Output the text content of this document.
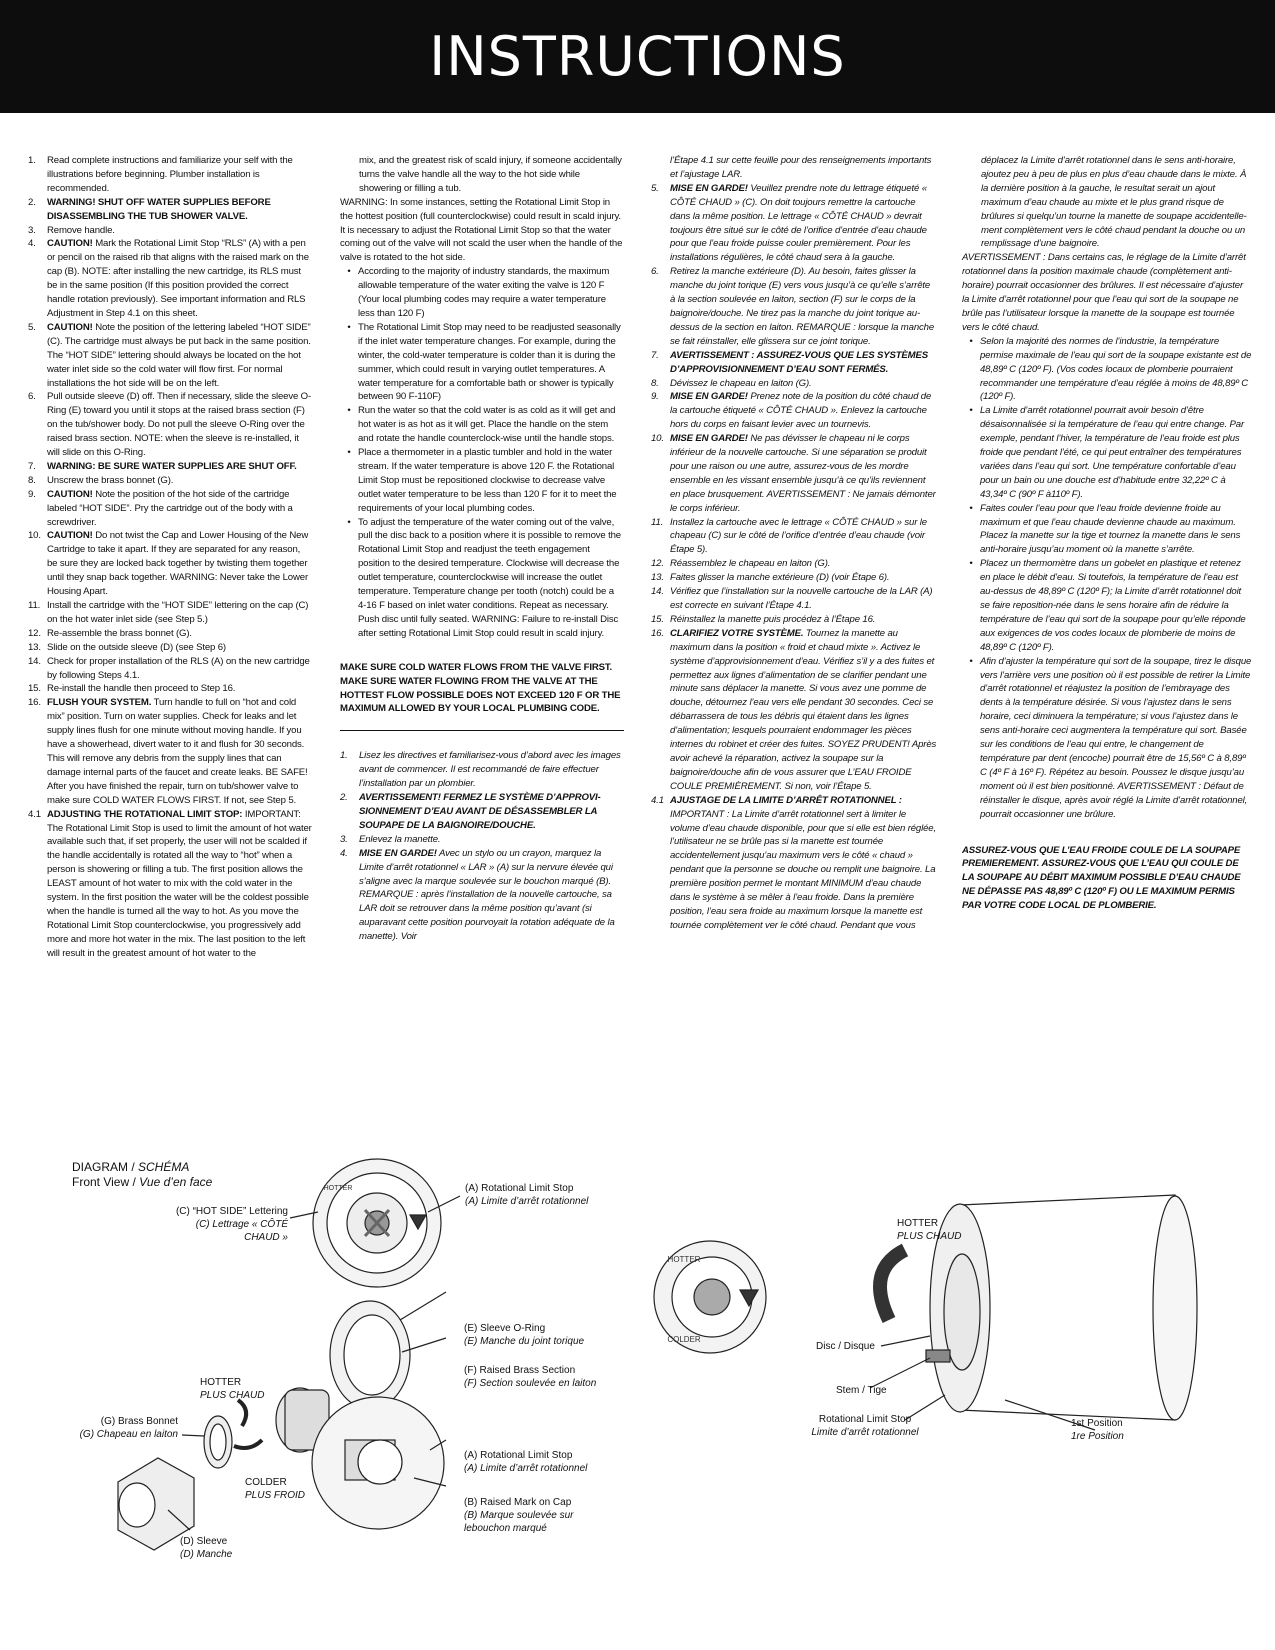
INSTRUCTIONS
1.	Read complete instructions and familiarize your self with the illustrations before beginning. Plumber installation is recommended.
2.	WARNING! SHUT OFF WATER SUPPLIES BEFORE DISASSEMBLING THE TUB SHOWER VALVE.
3.	Remove handle.
4.	CAUTION! Mark the Rotational Limit Stop “RLS” (A) with a pen or pencil on the raised rib that aligns with the raised mark on the cap (B). NOTE: after installing the new cartridge, its RLS must be in the same position (If this position provided the correct handle rotation previously). See important information and RLS Adjustment in Step 4.1 on this sheet.
5.	CAUTION! Note the position of the lettering labeled “HOT SIDE” (C). The cartridge must always be put back in the same position. The “HOT SIDE” lettering should always be located on the hot water inlet side so the cold water will flow first. For normal installations the hot side will be on the left.
6.	Pull outside sleeve (D) off. Then if necessary, slide the sleeve O-Ring (E) toward you until it stops at the raised brass section (F) on the tub/shower body. Do not pull the sleeve O-Ring over the raised brass section. NOTE: when the sleeve is re-installed, it will slide on this O-Ring.
7.	WARNING: BE SURE WATER SUPPLIES ARE SHUT OFF.
8.	Unscrew the brass bonnet (G).
9.	CAUTION! Note the position of the hot side of the cartridge labeled “HOT SIDE”. Pry the cartridge out of the body with a screwdriver.
10. CAUTION! Do not twist the Cap and Lower Housing of the New Cartridge to take it apart. If they are separated for any reason, be sure they are locked back together by twisting them together until they snap back together. WARNING: Never take the Lower Housing Apart.
11. Install the cartridge with the “HOT SIDE” lettering on the cap (C) on the hot water inlet side (see Step 5.)
12. Re-assemble the brass bonnet (G).
13. Slide on the outside sleeve (D) (see Step 6)
14. Check for proper installation of the RLS (A) on the new cartridge by following Steps 4.1.
15. Re-install the handle then proceed to Step 16.
16. FLUSH YOUR SYSTEM. Turn handle to full on “hot and cold mix” position. Turn on water supplies. Check for leaks and let supply lines flush for one minute without moving handle. If you have a showerhead, divert water to it and flush for 30 seconds. This will remove any debris from the supply lines that can damage internal parts of the faucet and create leaks. BE SAFE! After you have finished the repair, turn on tub/shower valve to make sure COLD WATER FLOWS FIRST. If not, see Step 5.
4.1 ADJUSTING THE ROTATIONAL LIMIT STOP: IMPORTANT: The Rotational Limit Stop is used to limit the amount of hot water available such that, if set properly, the user will not be scalded if the handle accidentally is rotated all the way to “hot” when a person is showering or filling a tub. The first position allows the LEAST amount of hot water to mix with the cold water in the system. In the first position the water will be the coldest possible when the handle is turned all the way to hot. As you move the Rotational Limit Stop counterclockwise, you progressively add more and more hot water in the mix. The last position to the left will result in the greatest amount of hot water to the
mix, and the greatest risk of scald injury, if someone accidentally turns the valve handle all the way to the hot side while showering or filling a tub.
WARNING: In some instances, setting the Rotational Limit Stop in the hottest position (full counterclockwise) could result in scald injury. It is necessary to adjust the Rotational Limit Stop so that the water coming out of the valve will not scald the user when the handle of the valve is rotated to the hot side.
• According to the majority of industry standards, the maximum allowable temperature of the water exiting the valve is 120 F (Your local plumbing codes may require a water temperature less than 120 F)
• The Rotational Limit Stop may need to be readjusted seasonally if the inlet water temperature changes. For example, during the winter, the cold-water temperature is colder than it is during the summer, which could result in varying outlet temperatures. A water temperature for a comfortable bath or shower is typically between 90 F-110F)
• Run the water so that the cold water is as cold as it will get and hot water is as hot as it will get. Place the handle on the stem and rotate the handle counterclock-wise until the handle stops.
• Place a thermometer in a plastic tumbler and hold in the water stream. If the water temperature is above 120 F. the Rotational Limit Stop must be repositioned clockwise to decrease valve outlet water temperature to be less than 120 F for it to meet the requirements of your local plumbing codes.
• To adjust the temperature of the water coming out of the valve, pull the disc back to a position where it is possible to remove the Rotational Limit Stop and readjust the teeth engagement position to the desired temperature. Clockwise will decrease the outlet temperature, counterclockwise will increase the outlet temperature. Temperature change per tooth (notch) could be a 4-16 F based on inlet water conditions. Repeat as necessary. Push disc until fully seated. WARNING: Failure to re-install Disc after setting Rotational Limit Stop could result in scald injury.
MAKE SURE COLD WATER FLOWS FROM THE VALVE FIRST. MAKE SURE WATER FLOWING FROM THE VALVE AT THE HOTTEST FLOW POSSIBLE DOES NOT EXCEED 120 F OR THE MAXIMUM ALLOWED BY YOUR LOCAL PLUMBING CODE.
1.	Lisez les directives et familiarisez-vous d’abord avec les images avant de commencer. Il est recommandé de faire effectuer l’installation par un plombier.
2.	AVERTISSEMENT! FERMEZ LE SYSTÈME D’APPROVI-SIONNEMENT D’EAU AVANT DE DÉSASSEMBLER LA SOUPAPE DE LA BAIGNOIRE/DOUCHE.
3.	Enlevez la manette.
4.	MISE EN GARDE! Avec un stylo ou un crayon, marquez la Limite d’arrêt rotationnel « LAR » (A) sur la nervure élevée qui s’aligne avec la marque soulevée sur le bouchon marqué (B). REMARQUE : après l’installation de la nouvelle cartouche, sa LAR doit se retrouver dans la même position qu’avant (si auparavant cette position pourvoyait la rotation adéquate de la manette). Voir
l’Étape 4.1 sur cette feuille pour des renseignements importants et l’ajustage LAR.
5.	MISE EN GARDE! Veuillez prendre note du lettrage étiqueté « CÔTÉ CHAUD » (C). On doit toujours remettre la cartouche dans la même position. Le lettrage « CÔTÉ CHAUD » devrait toujours être situé sur le côté de l’orifice d’entrée d’eau chaude pour que l’eau froide puisse couler premièrement. Pour les installations régulières, le côté chaud sera à la gauche.
6.	Retirez la manche extérieure (D). Au besoin, faites glisser la manche du joint torique (E) vers vous jusqu’à ce qu’elle s’arrête à la section soulevée en laiton, section (F) sur le corps de la baignoire/douche. Ne tirez pas la manche du joint torique au-dessus de la section en laiton. REMARQUE : lorsque la manche se fait réinstaller, elle glissera sur ce joint torique.
7.	AVERTISSEMENT : ASSUREZ-VOUS QUE LES SYSTÈMES D’APPROVISIONNEMENT D’EAU SONT FERMÉS.
8.	Dévissez le chapeau en laiton (G).
9.	MISE EN GARDE! Prenez note de la position du côté chaud de la cartouche étiqueté « CÔTÉ CHAUD ». Enlevez la cartouche hors du corps en faisant levier avec un tournevis.
10. MISE EN GARDE! Ne pas dévisser le chapeau ni le corps inférieur de la nouvelle cartouche. Si une séparation se produit pour une raison ou une autre, assurez-vous de les mordre ensemble en les vissant ensemble jusqu’à ce qu’ils reviennent en place brusquement. AVERTISSEMENT : Ne jamais démonter le corps inférieur.
11. Installez la cartouche avec le lettrage « CÔTÉ CHAUD » sur le chapeau (C) sur le côté de l’orifice d’entrée d’eau chaude (voir Étape 5).
12. Réassemblez le chapeau en laiton (G).
13. Faites glisser la manche extérieure (D) (voir Étape 6).
14. Vérifiez que l’installation sur la nouvelle cartouche de la LAR (A) est correcte en suivant l’Étape 4.1.
15. Réinstallez la manette puis procédez à l’Étape 16.
16. CLARIFIEZ VOTRE SYSTÈME. Tournez la manette au maximum dans la position « froid et chaud mixte ». Activez le système d’approvisionnement d’eau. Vérifiez s’il y a des fuites et permettez aux lignes d’alimentation de se clarifier pendant une minute sans déplacer la manette. Si vous avez une pomme de douche, détournez l’eau vers elle pendant 30 secondes. Ceci se débarrassera de tous les débris qui étaient dans les lignes d’alimentation; lesquels pourraient endommager les pièces internes du robinet et créer des fuites. SOYEZ PRUDENT! Après avoir achevé la réparation, activez la soupape sur la baignoire/douche afin de vous assurer que L’EAU FROIDE COULE PREMIÈREMENT. Si non, voir l’Étape 5.
4.1 AJUSTAGE DE LA LIMITE D’ARRÊT ROTATIONNEL : IMPORTANT : La Limite d’arrêt rotationnel sert à limiter le volume d’eau chaude disponible, pour que si elle est bien réglée, l’utilisateur ne se brûle pas si la manette est tournée accidentellement jusqu’au maximum vers le côté « chaud » pendant que la personne se douche ou remplit une baignoire. La première position permet le montant MINIMUM d’eau chaude dans le système à se mêler à l’eau froide. Dans la première position, l’eau sera froide au maximum lorsque la manette est tournée complètement ver le côté chaud. Pendant que vous
déplacez la Limite d’arrêt rotationnel dans le sens anti-horaire, ajoutez peu à peu de plus en plus d’eau chaude dans le mixte. À la dernière position à la gauche, le resultat serait un ajout maximum d’eau chaude au mixte et le plus grand risque de brûlures si quelqu’un tourne la manette de soupape accidentelle-ment complètement vers le côté chaud pendant la douche ou un remplissage d’une baignoire.
AVERTISSEMENT : Dans certains cas, le réglage de la Limite d’arrêt rotationnel dans la position maximale chaude (complètement anti-horaire) pourrait occasionner des brûlures. Il est nécessaire d’ajuster la Limite d’arrêt rotationnel pour que l’eau qui sort de la soupape ne brûle pas l’utilisateur lorsque la manette de la soupape est tournée vers le côté chaud.
• Selon la majorité des normes de l’industrie, la température permise maximale de l’eau qui sort de la soupape existante est de 48,89º C (120º F). (Vos codes locaux de plomberie pourraient recommander une température d’eau réglée à moins de 48,89º C (120º F).
• La Limite d’arrêt rotationnel pourrait avoir besoin d’être désaisonnalisée si la température de l’eau qui entre change. Par exemple, pendant l’hiver, la température de l’eau froide est plus froide que pendant l’été, ce qui peut entraîner des températures variées dans l’eau qui sort. Une température confortable d’eau pour un bain ou une douche est d’habitude entre 32,22º C à 43,34º C (90º F à110º F).
• Faites couler l’eau pour que l’eau froide devienne froide au maximum et que l’eau chaude devienne chaude au maximum. Placez la manette sur la tige et tournez la manette dans le sens anti-horaire jusqu’au moment où la manette s’arrête.
• Placez un thermomètre dans un gobelet en plastique et retenez en place le débit d’eau. Si toutefois, la température de l’eau est au-dessus de 48,89º C (120º F); la Limite d’arrêt rotationnel doit se faire reposition-née dans le sens horaire afin de réduire la température de l’eau qui sort de la soupape pour qu’elle réponde aux exigences de vos codes locaux de plomberie de moins de 48,89º C (120º F).
• Afin d’ajuster la température qui sort de la soupape, tirez le disque vers l’arrière vers une position où il est possible de retirer la Limite d’arrêt rotationnel et réajustez la position de l’embrayage des dents à la température désirée. Si vous l’ajustez dans le sens horaire, ceci diminuera la température; si vous l’ajustez dans le sens anti-horaire ceci augmentera la température qui sort. Basée sur les conditions de l’eau qui entre, le changement de température par dent (encoche) pourrait être de 15,56º C à 8,89º C (4º F à 16º F). Répétez au besoin. Poussez le disque jusqu’au moment où il est bien positionné. AVERTISSEMENT : Défaut de réinstaller le disque, après avoir réglé la Limite d’arrêt rotationnel, pourrait occasionner une brûlure.
ASSUREZ-VOUS QUE L’EAU FROIDE COULE DE LA SOUPAPE PREMIEREMENT. ASSUREZ-VOUS QUE L’EAU QUI COULE DE LA SOUPAPE AU DÉBIT MAXIMUM POSSIBLE D’EAU CHAUDE NE DÉPASSE PAS 48,89º C (120º F) OU LE MAXIMUM PERMIS PAR VOTRE CODE LOCAL DE PLOMBERIE.
DIAGRAM / SCHÉMA
Front View / Vue d’en face	HOTTER
HOTTER
COLDER
(C) “HOT SIDE” Lettering
(C) Lettrage « CÔTÉ CHAUD »
(A) Rotational Limit Stop
(A) Limite d’arrêt rotationnel
(E) Sleeve O-Ring
(E) Manche du joint torique
(F) Raised Brass Section
(F) Section soulevée en laiton
HOTTER
PLUS CHAUD
(G) Brass Bonnet
(G) Chapeau en laiton
COLDER
PLUS FROID
(A) Rotational Limit Stop
(A) Limite d’arrêt rotationnel
(B) Raised Mark on Cap
(B) Marque soulevée sur lebouchon marqué
(D) Sleeve
(D) Manche
HOTTER
PLUS CHAUD
Disc / Disque
Stem / Tige
Rotational Limit Stop
Limite d’arrêt rotationnel
1st Position
1re Position
